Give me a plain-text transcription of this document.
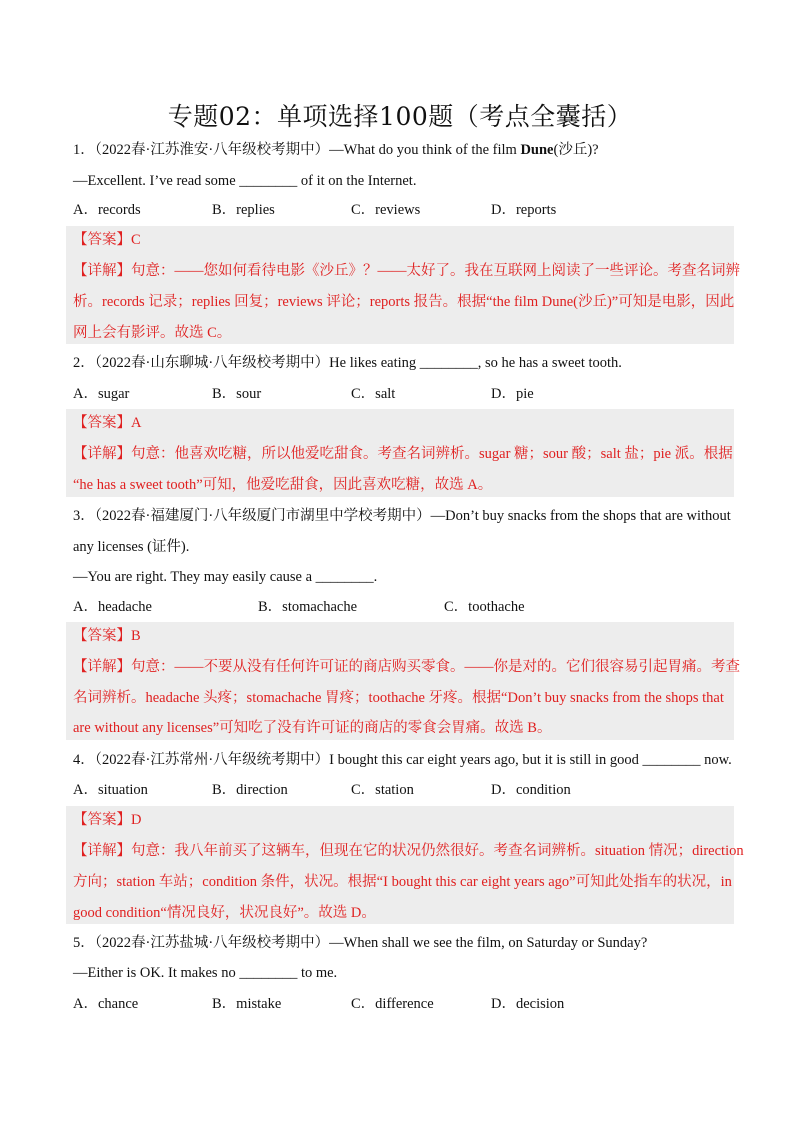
专题02：单项选择100题（考点全囊括）
1．（2022春·江苏淮安·八年级校考期中）—What do you think of the film Dune(沙丘)?
—Excellent. I’ve read some ________ of it on the Internet.
A．records	B．replies	C．reviews	D．reports
【答案】C
【详解】句意：——您如何看待电影《沙丘》？——太好了。我在互联网上阅读了一些评论。考查名词辨
析。records 记录；replies 回复；reviews 评论；reports 报告。根据“the film Dune(沙丘)”可知是电影，因此
网上会有影评。故选 C。
2．（2022春·山东聊城·八年级校考期中）He likes eating ________, so he has a sweet tooth.
A．sugar	B．sour	C．salt	D．pie
【答案】A
【详解】句意：他喜欢吃糖，所以他爱吃甜食。考查名词辨析。sugar 糖；sour 酸；salt 盐；pie 派。根据
“he has a sweet tooth”可知，他爱吃甜食，因此喜欢吃糖，故选 A。
3．（2022春·福建厦门·八年级厦门市湖里中学校考期中）—Don’t buy snacks from the shops that are without
any licenses (证件).
—You are right. They may easily cause a ________.
A．headache	B．stomachache	C．toothache
【答案】B
【详解】句意：——不要从没有任何许可证的商店购买零食。——你是对的。它们很容易引起胃痛。考查
名词辨析。headache 头疼；stomachache 胃疼；toothache 牙疼。根据“Don’t buy snacks from the shops that
are without any licenses”可知吃了没有许可证的商店的零食会胃痛。故选 B。
4．（2022春·江苏常州·八年级统考期中）I bought this car eight years ago, but it is still in good ________ now.
A．situation	B．direction	C．station	D．condition
【答案】D
【详解】句意：我八年前买了这辆车，但现在它的状况仍然很好。考查名词辨析。situation 情况；direction
方向；station 车站；condition 条件，状况。根据“I bought this car eight years ago”可知此处指车的状况，in
good condition“情况良好，状况良好”。故选 D。
5．（2022春·江苏盐城·八年级校考期中）—When shall we see the film, on Saturday or Sunday?
—Either is OK. It makes no ________ to me.
A．chance	B．mistake	C．difference	D．decision
